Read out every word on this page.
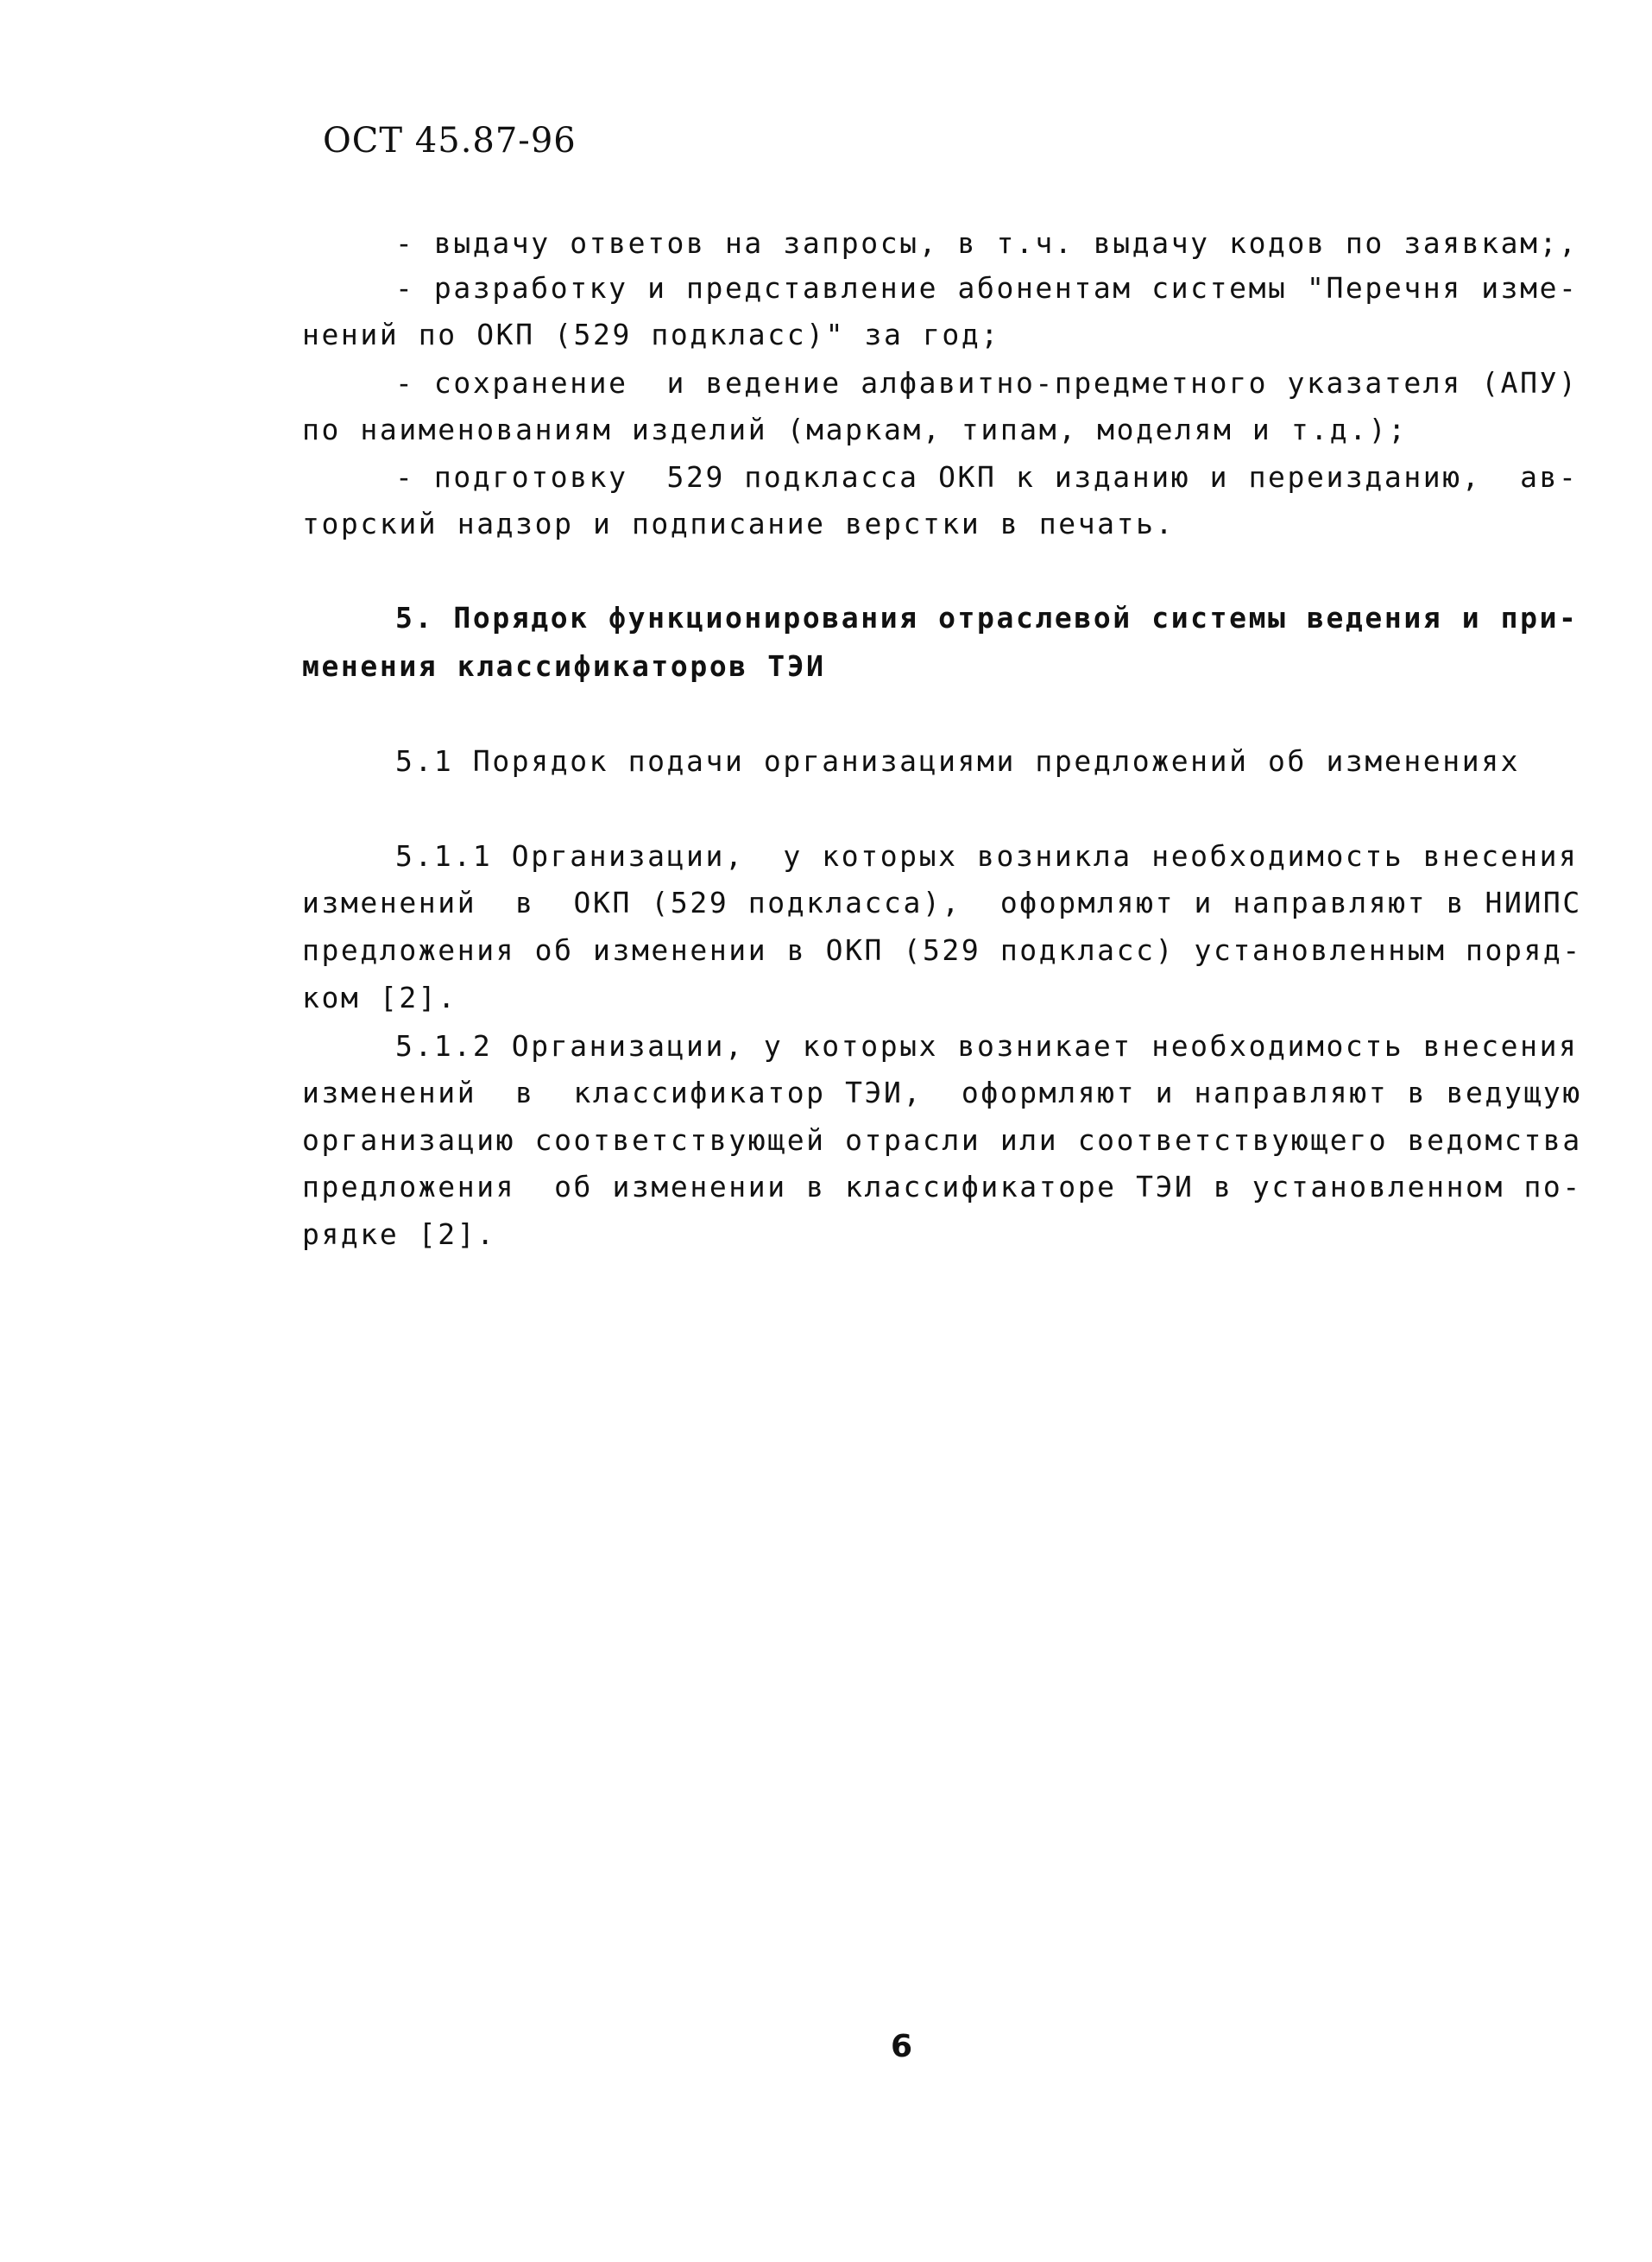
ОСТ 45.87-96
- выдачу ответов на запросы, в т.ч. выдачу кодов по заявкам;,
- разработку и представление абонентам системы "Перечня изме-
нений по ОКП (529 подкласс)" за год;
- сохранение  и ведение алфавитно-предметного указателя (АПУ)
по наименованиям изделий (маркам, типам, моделям и т.д.);
- подготовку  529 подкласса ОКП к изданию и переизданию,  ав-
торский надзор и подписание верстки в печать.
5. Порядок функционирования отраслевой системы ведения и при-
менения классификаторов ТЭИ
5.1 Порядок подачи организациями предложений об изменениях
5.1.1 Организации,  у которых возникла необходимость внесения
изменений  в  ОКП (529 подкласса),  оформляют и направляют в НИИПС
предложения об изменении в ОКП (529 подкласс) установленным поряд-
ком [2].
5.1.2 Организации, у которых возникает необходимость внесения
изменений  в  классификатор ТЭИ,  оформляют и направляют в ведущую
организацию соответствующей отрасли или соответствующего ведомства
предложения  об изменении в классификаторе ТЭИ в установленном по-
рядке [2].
6
